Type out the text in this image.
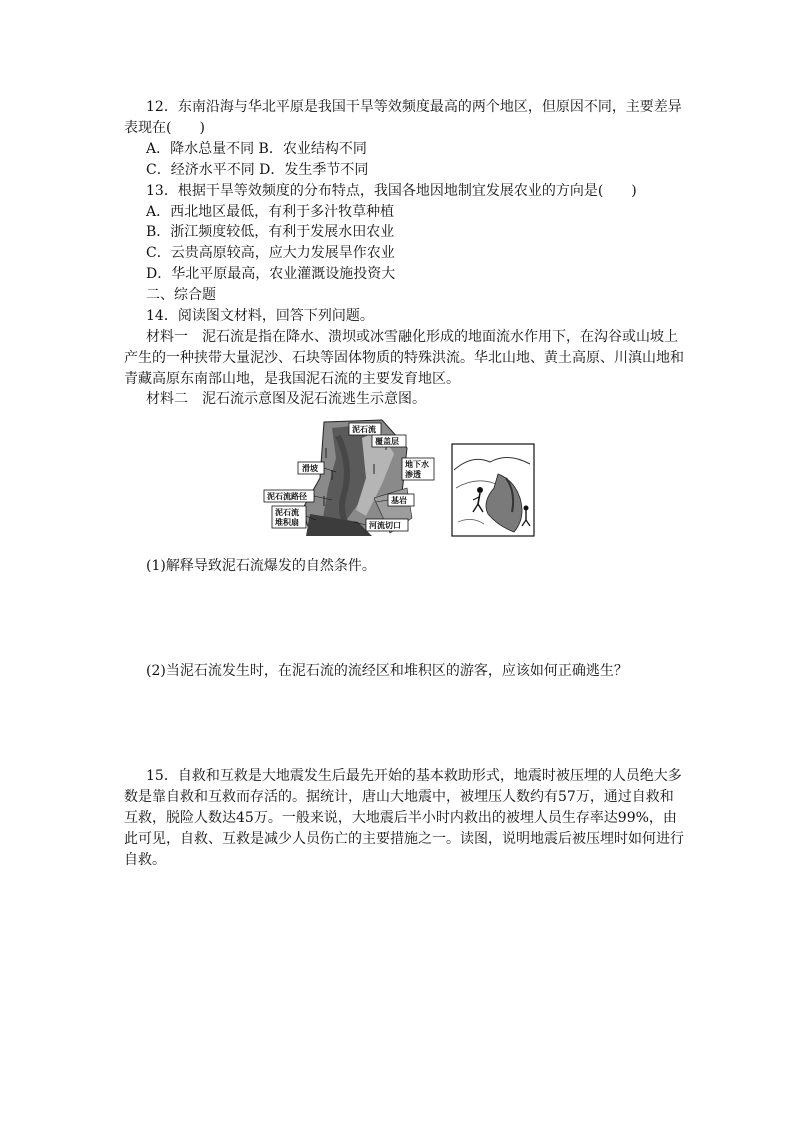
12．东南沿海与华北平原是我国干旱等效频度最高的两个地区，但原因不同，主要差异
表现在(　　)
A．降水总量不同 B．农业结构不同
C．经济水平不同 D．发生季节不同
13．根据干旱等效频度的分布特点，我国各地因地制宜发展农业的方向是(　　)
A．西北地区最低，有利于多汁牧草种植
B．浙江频度较低，有利于发展水田农业
C．云贵高原较高，应大力发展旱作农业
D．华北平原最高，农业灌溉设施投资大
二、综合题
14．阅读图文材料，回答下列问题。
材料一　泥石流是指在降水、溃坝或冰雪融化形成的地面流水作用下，在沟谷或山坡上
产生的一种挟带大量泥沙、石块等固体物质的特殊洪流。华北山地、黄土高原、川滇山地和
青藏高原东南部山地，是我国泥石流的主要发育地区。
材料二　泥石流示意图及泥石流逃生示意图。
泥石流
覆盖层
滑坡	地下水
渗透
泥石流路径	基岩
泥石流
堆积扇	河流切口
(1)解释导致泥石流爆发的自然条件。
(2)当泥石流发生时，在泥石流的流经区和堆积区的游客，应该如何正确逃生？
15．自救和互救是大地震发生后最先开始的基本救助形式，地震时被压埋的人员绝大多
数是靠自救和互救而存活的。据统计，唐山大地震中，被埋压人数约有57万，通过自救和
互救，脱险人数达45万。一般来说，大地震后半小时内救出的被埋人员生存率达99%，由
此可见，自救、互救是减少人员伤亡的主要措施之一。读图，说明地震后被压埋时如何进行
自救。
